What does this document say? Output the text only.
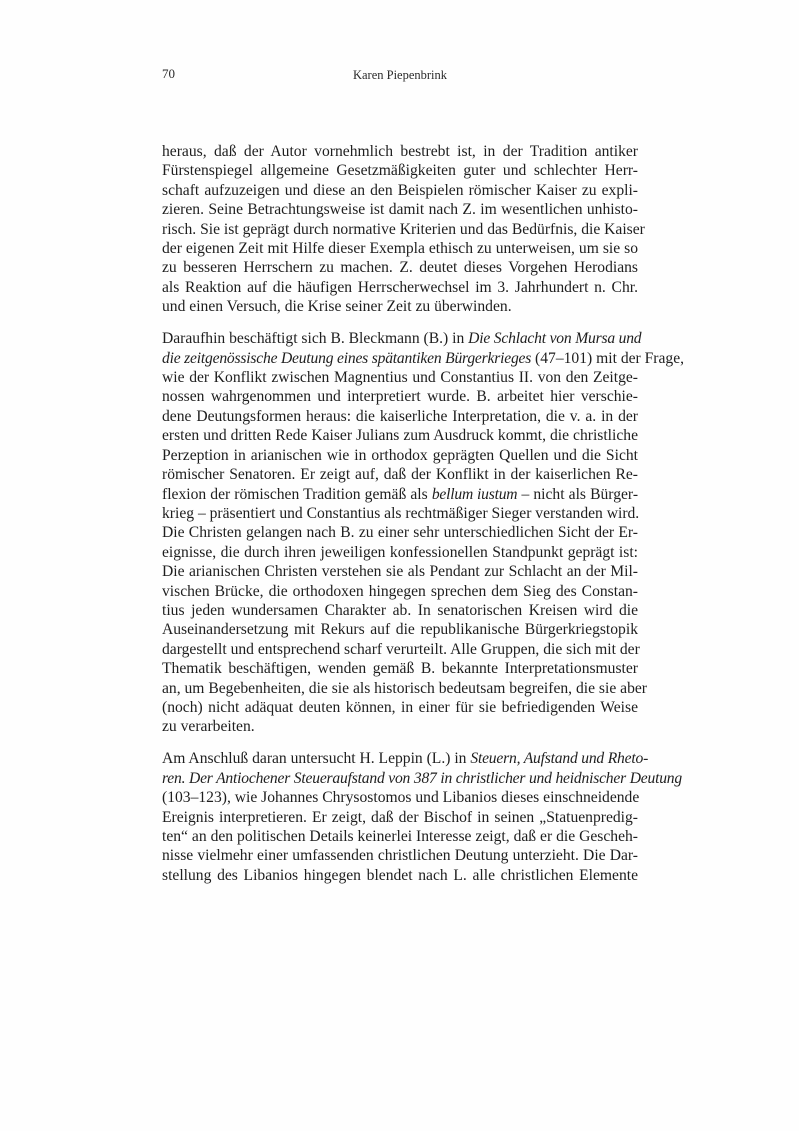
70	Karen Piepenbrink
heraus, daß der Autor vornehmlich bestrebt ist, in der Tradition antiker
Fürstenspiegel allgemeine Gesetzmäßigkeiten guter und schlechter Herr-
schaft aufzuzeigen und diese an den Beispielen römischer Kaiser zu expli-
zieren. Seine Betrachtungsweise ist damit nach Z. im wesentlichen unhisto-
risch. Sie ist geprägt durch normative Kriterien und das Bedürfnis, die Kaiser
der eigenen Zeit mit Hilfe dieser Exempla ethisch zu unterweisen, um sie so
zu besseren Herrschern zu machen. Z. deutet dieses Vorgehen Herodians
als Reaktion auf die häufigen Herrscherwechsel im 3. Jahrhundert n. Chr.
und einen Versuch, die Krise seiner Zeit zu überwinden.
Daraufhin beschäftigt sich B. Bleckmann (B.) in Die Schlacht von Mursa und
die zeitgenössische Deutung eines spätantiken Bürgerkrieges (47–101) mit der Frage,
wie der Konflikt zwischen Magnentius und Constantius II. von den Zeitge-
nossen wahrgenommen und interpretiert wurde. B. arbeitet hier verschie-
dene Deutungsformen heraus: die kaiserliche Interpretation, die v. a. in der
ersten und dritten Rede Kaiser Julians zum Ausdruck kommt, die christliche
Perzeption in arianischen wie in orthodox geprägten Quellen und die Sicht
römischer Senatoren. Er zeigt auf, daß der Konflikt in der kaiserlichen Re-
flexion der römischen Tradition gemäß als bellum iustum – nicht als Bürger-
krieg – präsentiert und Constantius als rechtmäßiger Sieger verstanden wird.
Die Christen gelangen nach B. zu einer sehr unterschiedlichen Sicht der Er-
eignisse, die durch ihren jeweiligen konfessionellen Standpunkt geprägt ist:
Die arianischen Christen verstehen sie als Pendant zur Schlacht an der Mil-
vischen Brücke, die orthodoxen hingegen sprechen dem Sieg des Constan-
tius jeden wundersamen Charakter ab. In senatorischen Kreisen wird die
Auseinandersetzung mit Rekurs auf die republikanische Bürgerkriegstopik
dargestellt und entsprechend scharf verurteilt. Alle Gruppen, die sich mit der
Thematik beschäftigen, wenden gemäß B. bekannte Interpretationsmuster
an, um Begebenheiten, die sie als historisch bedeutsam begreifen, die sie aber
(noch) nicht adäquat deuten können, in einer für sie befriedigenden Weise
zu verarbeiten.
Am Anschluß daran untersucht H. Leppin (L.) in Steuern, Aufstand und Rheto-
ren. Der Antiochener Steueraufstand von 387 in christlicher und heidnischer Deutung
(103–123), wie Johannes Chrysostomos und Libanios dieses einschneidende
Ereignis interpretieren. Er zeigt, daß der Bischof in seinen „Statuenpredig-
ten“ an den politischen Details keinerlei Interesse zeigt, daß er die Gescheh-
nisse vielmehr einer umfassenden christlichen Deutung unterzieht. Die Dar-
stellung des Libanios hingegen blendet nach L. alle christlichen Elemente
